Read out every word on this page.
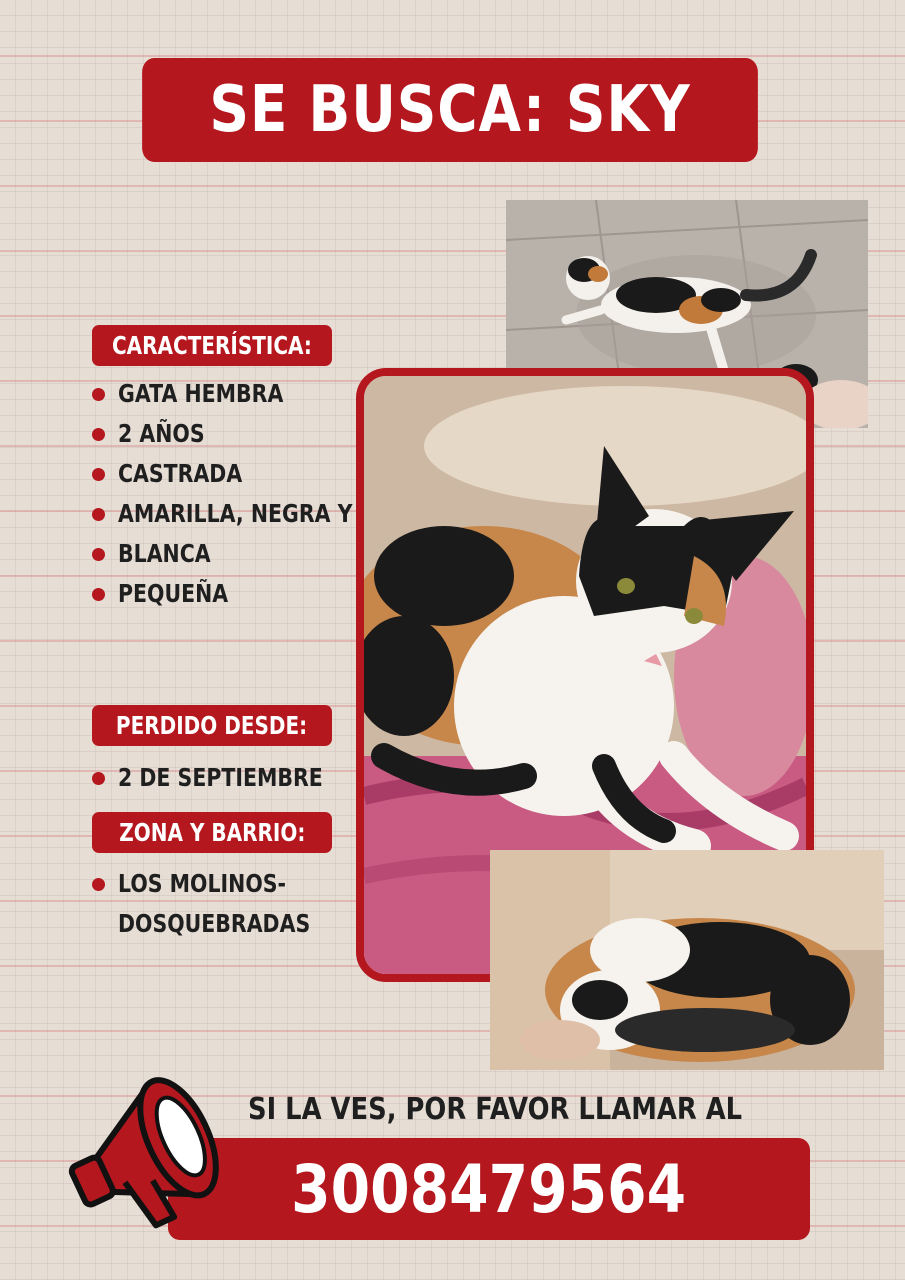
SE BUSCA: SKY
CARACTERÍSTICA:
GATA HEMBRA
2 AÑOS
CASTRADA
AMARILLA, NEGRA Y
BLANCA
PEQUEÑA
PERDIDO DESDE:
2 DE SEPTIEMBRE
ZONA Y BARRIO:
LOS MOLINOS-
DOSQUEBRADAS
SI LA VES, POR FAVOR LLAMAR AL
3008479564
